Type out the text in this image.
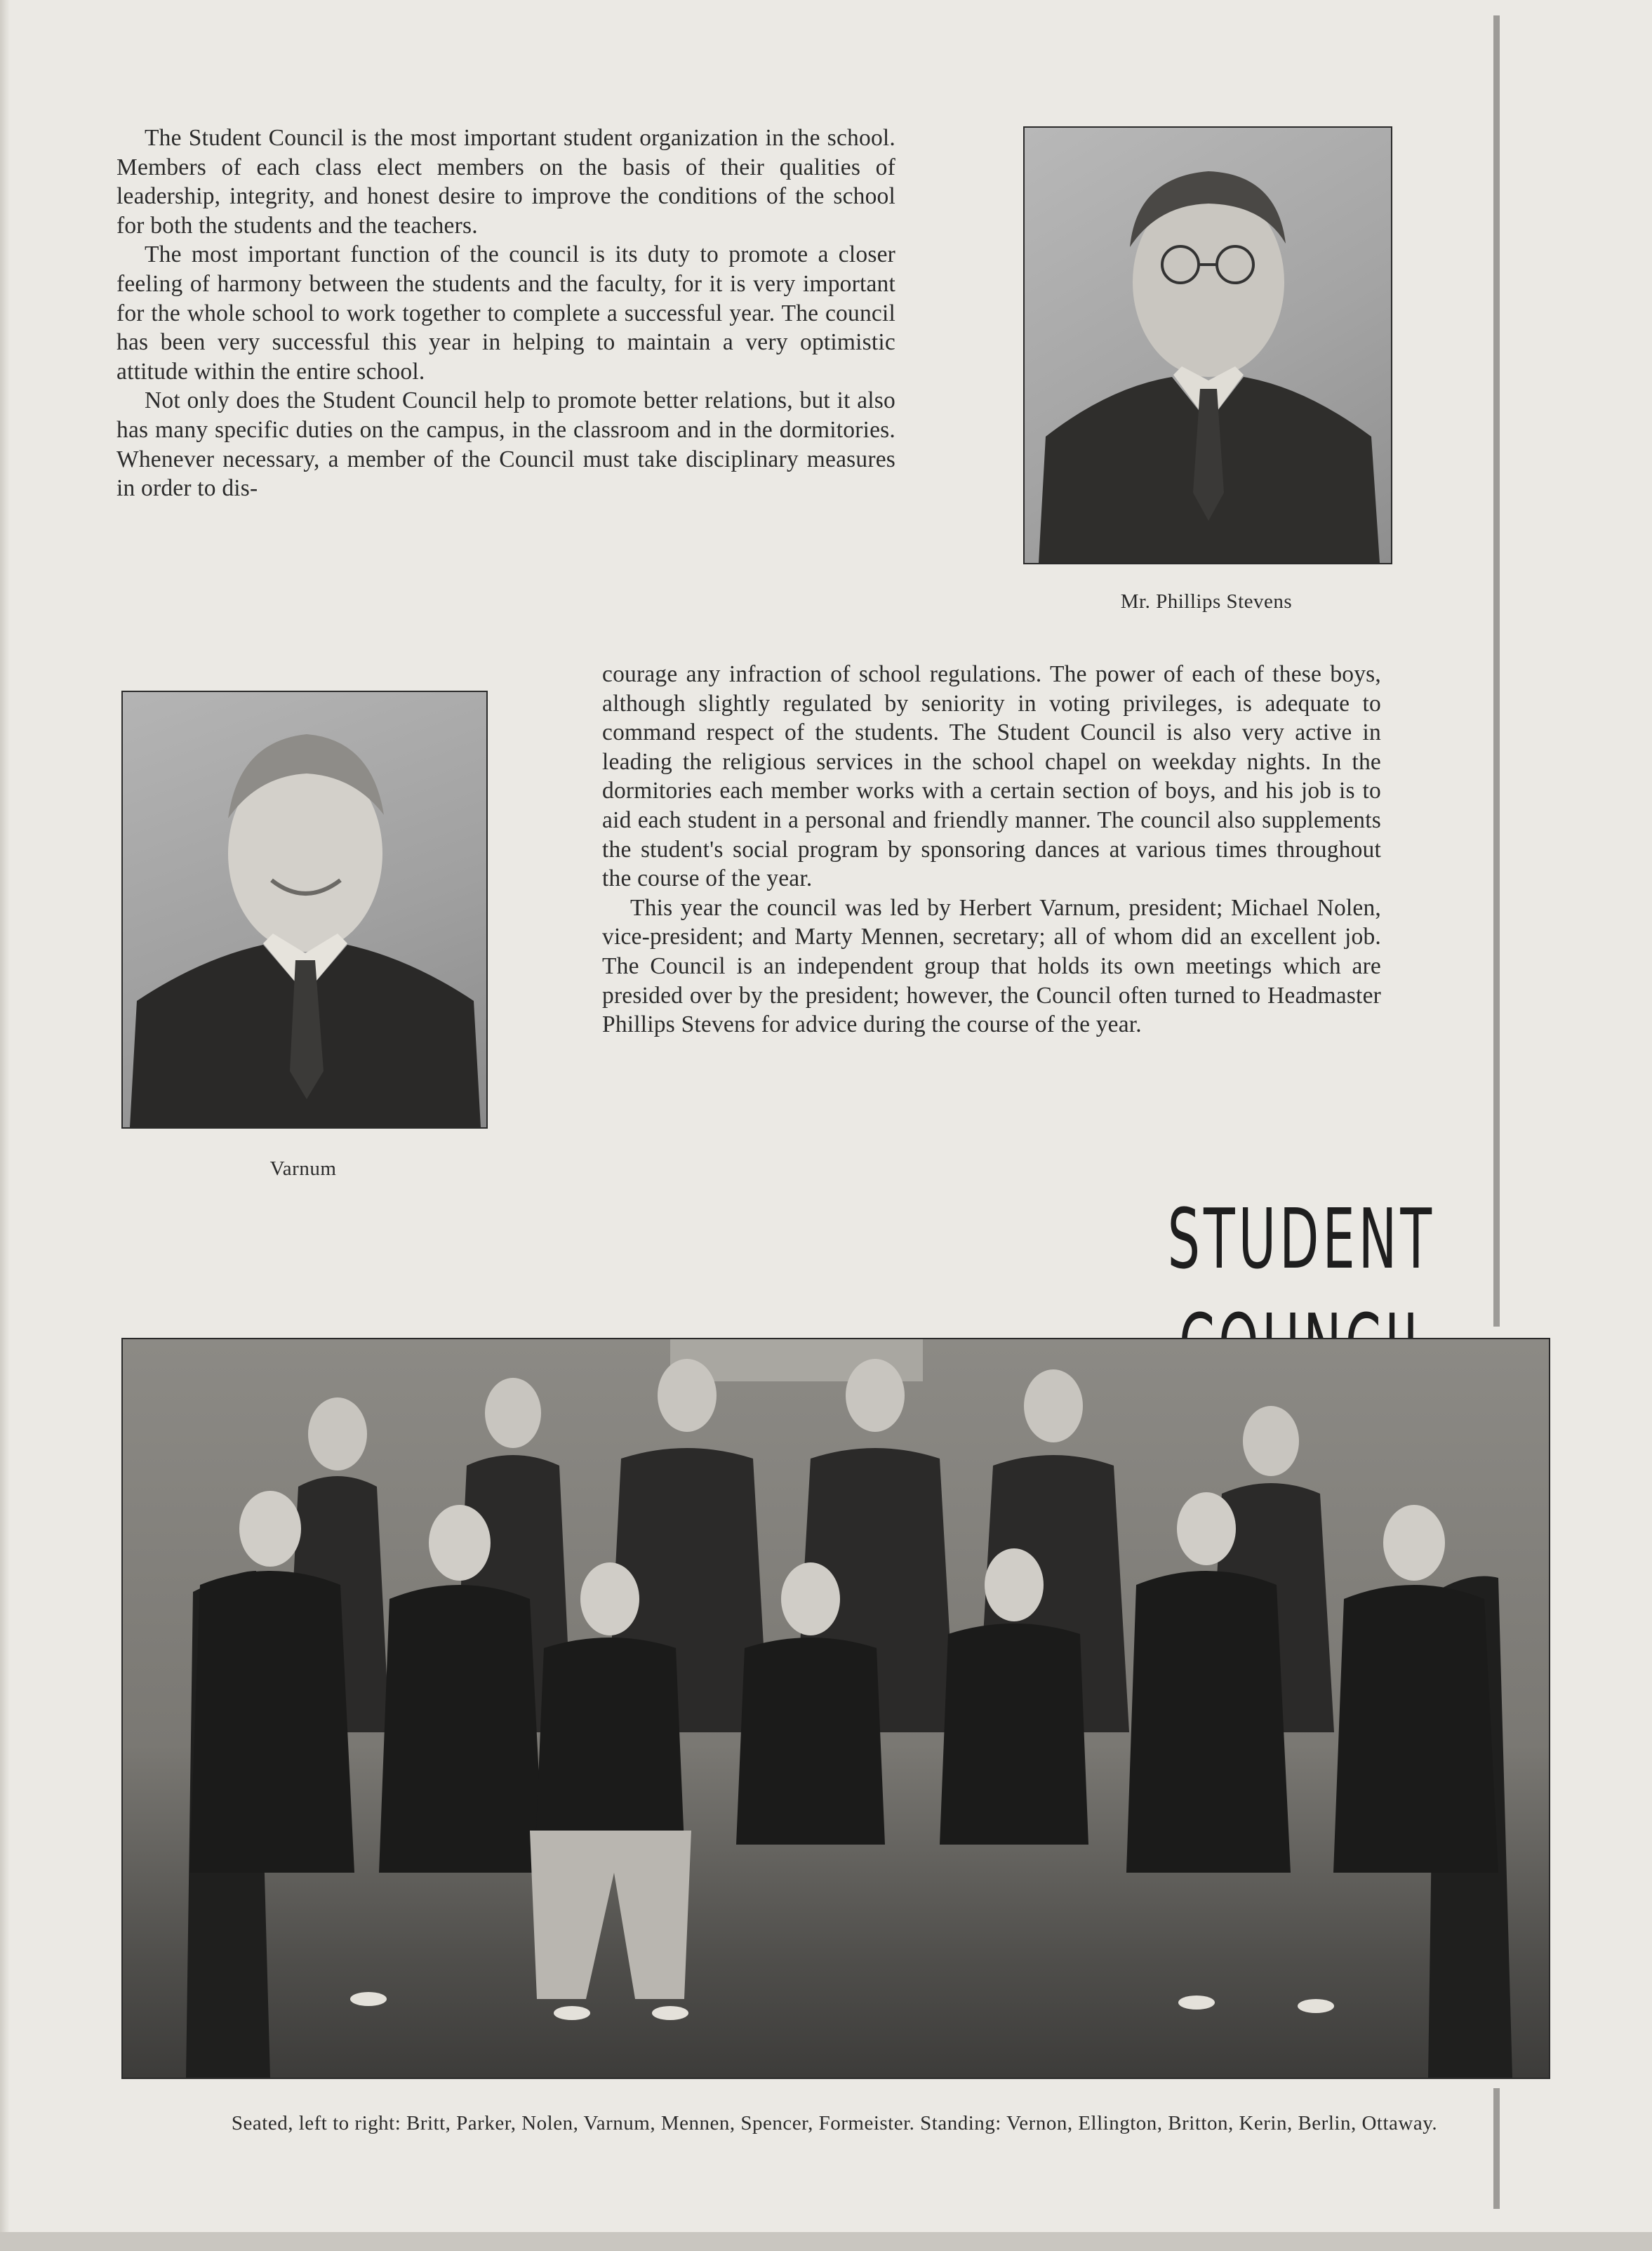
The Student Council is the most important student organization in the school. Members of each class elect members on the basis of their qualities of leadership, integrity, and honest desire to improve the conditions of the school for both the students and the teachers.

The most important function of the council is its duty to promote a closer feeling of harmony between the students and the faculty, for it is very important for the whole school to work together to complete a successful year. The council has been very successful this year in helping to maintain a very optimistic attitude within the entire school.

Not only does the Student Council help to promote better relations, but it also has many specific duties on the campus, in the classroom and in the dormitories. Whenever necessary, a member of the Council must take disciplinary measures in order to dis-

Mr. Phillips Stevens

Varnum

courage any infraction of school regulations. The power of each of these boys, although slightly regulated by seniority in voting privileges, is adequate to command respect of the students. The Student Council is also very active in leading the religious services in the school chapel on weekday nights. In the dormitories each member works with a certain section of boys, and his job is to aid each student in a personal and friendly manner. The council also supplements the student's social program by sponsoring dances at various times throughout the course of the year.

This year the council was led by Herbert Varnum, president; Michael Nolen, vice-president; and Marty Mennen, secretary; all of whom did an excellent job. The Council is an independent group that holds its own meetings which are presided over by the president; however, the Council often turned to Headmaster Phillips Stevens for advice during the course of the year.

STUDENT

Seated, left to right: Britt, Parker, Nolen, Varnum, Mennen, Spencer, Formeister. Standing: Vernon, Ellington, Britton, Kerin, Berlin, Ottaway.
